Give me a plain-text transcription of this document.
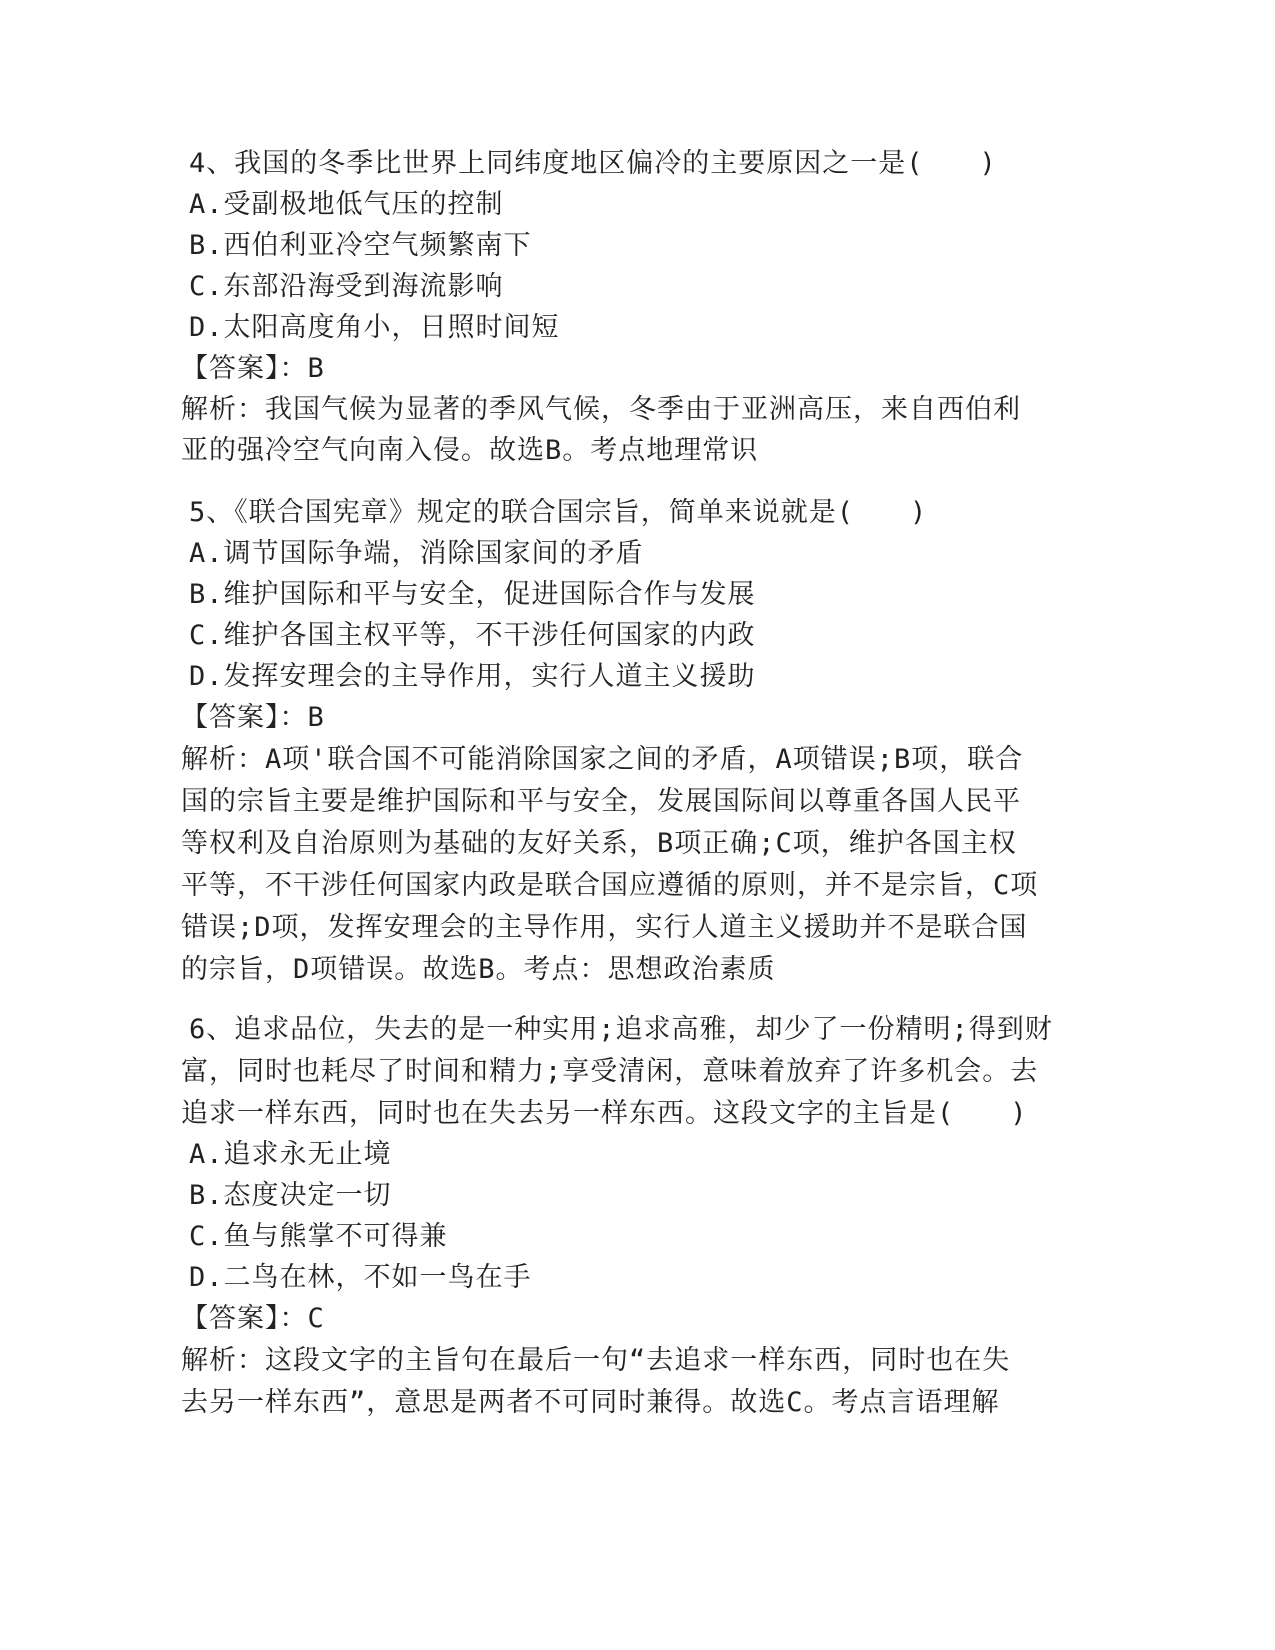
4、我国的冬季比世界上同纬度地区偏冷的主要原因之一是(　　)
A.受副极地低气压的控制
B.西伯利亚冷空气频繁南下
C.东部沿海受到海流影响
D.太阳高度角小，日照时间短
【答案】：B
解析：我国气候为显著的季风气候，冬季由于亚洲高压，来自西伯利
亚的强冷空气向南入侵。故选B。考点地理常识
5、《联合国宪章》规定的联合国宗旨，简单来说就是(　　)
A.调节国际争端，消除国家间的矛盾
B.维护国际和平与安全，促进国际合作与发展
C.维护各国主权平等，不干涉任何国家的内政
D.发挥安理会的主导作用，实行人道主义援助
【答案】：B
解析：A项'联合国不可能消除国家之间的矛盾，A项错误;B项，联合
国的宗旨主要是维护国际和平与安全，发展国际间以尊重各国人民平
等权利及自治原则为基础的友好关系，B项正确;C项，维护各国主权
平等，不干涉任何国家内政是联合国应遵循的原则，并不是宗旨，C项
错误;D项，发挥安理会的主导作用，实行人道主义援助并不是联合国
的宗旨，D项错误。故选B。考点：思想政治素质
6、追求品位，失去的是一种实用;追求高雅，却少了一份精明;得到财
富，同时也耗尽了时间和精力;享受清闲，意味着放弃了许多机会。去
追求一样东西，同时也在失去另一样东西。这段文字的主旨是(　　)
A.追求永无止境
B.态度决定一切
C.鱼与熊掌不可得兼
D.二鸟在林，不如一鸟在手
【答案】：C
解析：这段文字的主旨句在最后一句“去追求一样东西，同时也在失
去另一样东西”，意思是两者不可同时兼得。故选C。考点言语理解
